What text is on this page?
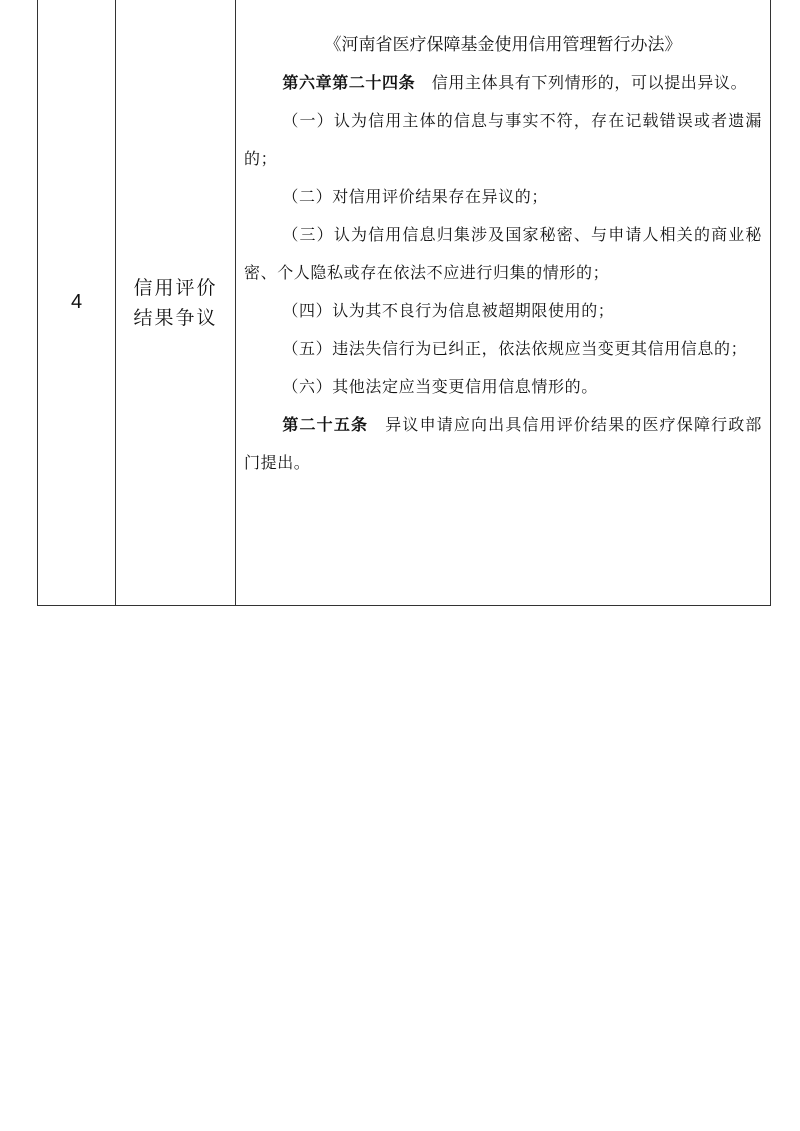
4
信用评价结果争议
《河南省医疗保障基金使用信用管理暂行办法》
第六章第二十四条　信用主体具有下列情形的，可以提出异议。
（一）认为信用主体的信息与事实不符，存在记载错误或者遗漏的；
（二）对信用评价结果存在异议的；
（三）认为信用信息归集涉及国家秘密、与申请人相关的商业秘密、个人隐私或存在依法不应进行归集的情形的；
（四）认为其不良行为信息被超期限使用的；
（五）违法失信行为已纠正，依法依规应当变更其信用信息的；
（六）其他法定应当变更信用信息情形的。
第二十五条　异议申请应向出具信用评价结果的医疗保障行政部门提出。
